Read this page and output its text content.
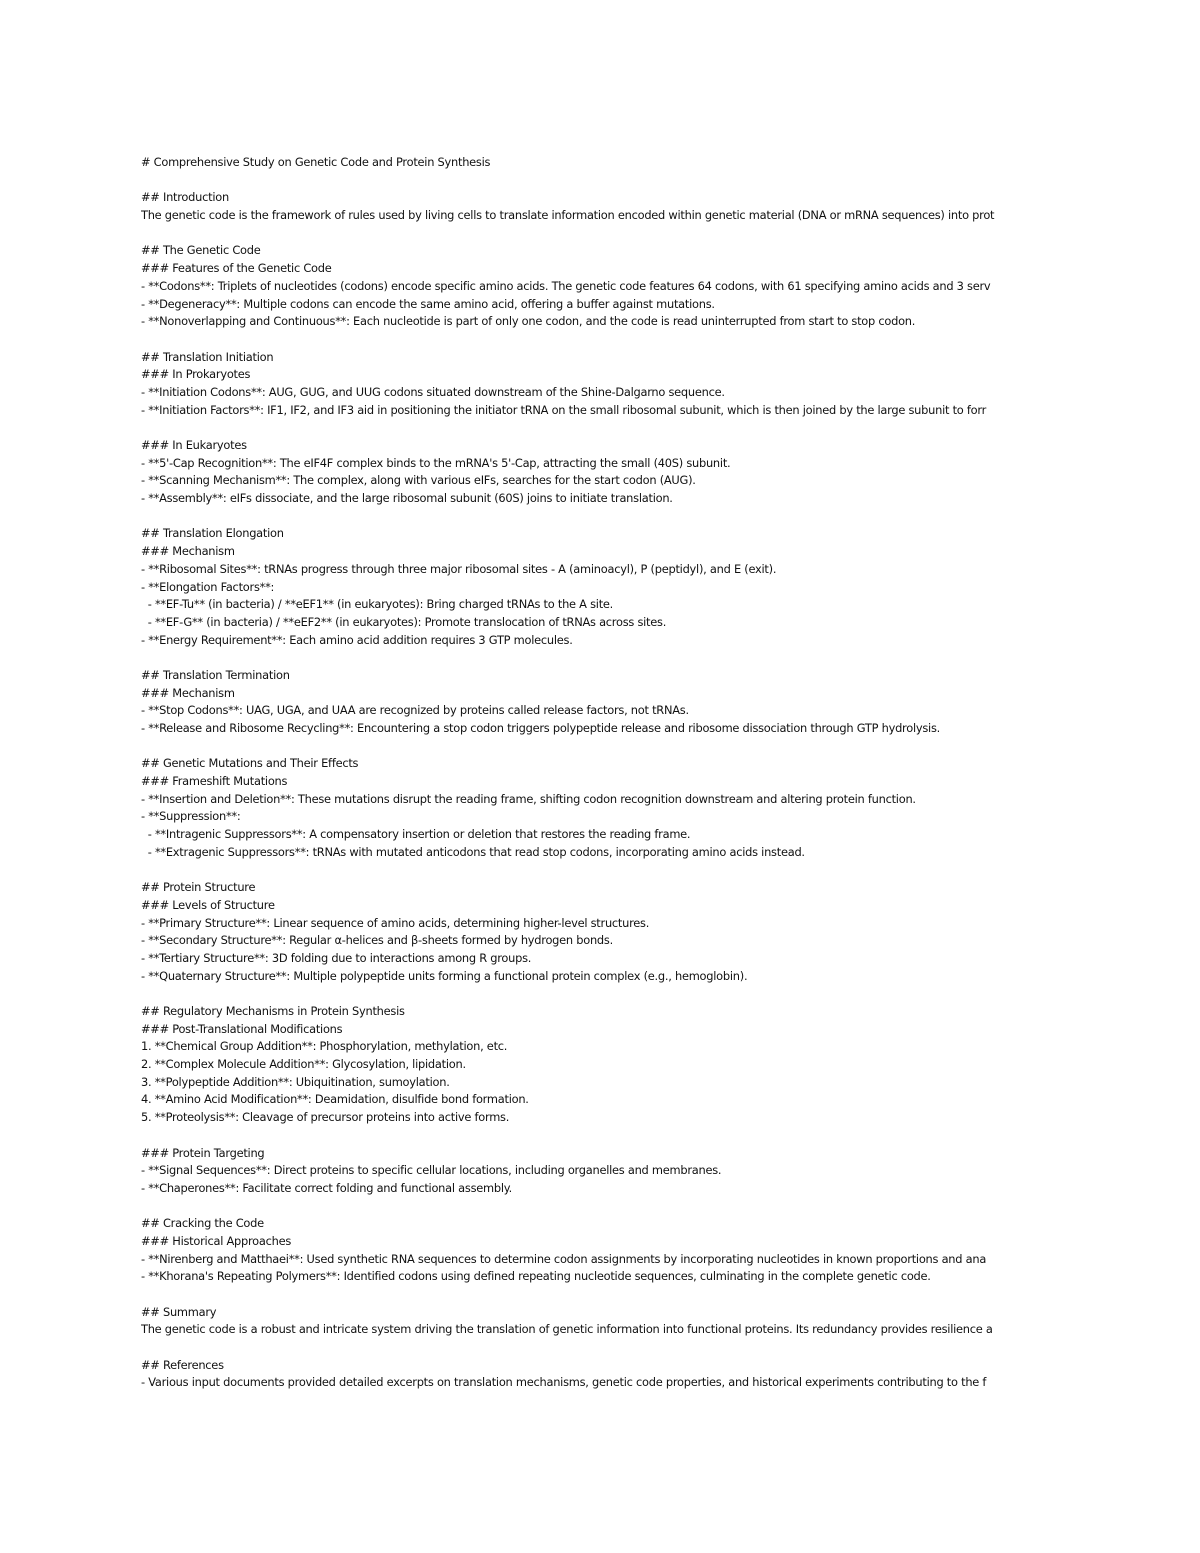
# Comprehensive Study on Genetic Code and Protein Synthesis
## Introduction
The genetic code is the framework of rules used by living cells to translate information encoded within genetic material (DNA or mRNA sequences) into prot
## The Genetic Code
### Features of the Genetic Code
- **Codons**: Triplets of nucleotides (codons) encode specific amino acids. The genetic code features 64 codons, with 61 specifying amino acids and 3 serv
- **Degeneracy**: Multiple codons can encode the same amino acid, offering a buffer against mutations.
- **Nonoverlapping and Continuous**: Each nucleotide is part of only one codon, and the code is read uninterrupted from start to stop codon.
## Translation Initiation
### In Prokaryotes
- **Initiation Codons**: AUG, GUG, and UUG codons situated downstream of the Shine-Dalgarno sequence.
- **Initiation Factors**: IF1, IF2, and IF3 aid in positioning the initiator tRNA on the small ribosomal subunit, which is then joined by the large subunit to forr
### In Eukaryotes
- **5'-Cap Recognition**: The eIF4F complex binds to the mRNA's 5'-Cap, attracting the small (40S) subunit.
- **Scanning Mechanism**: The complex, along with various eIFs, searches for the start codon (AUG).
- **Assembly**: eIFs dissociate, and the large ribosomal subunit (60S) joins to initiate translation.
## Translation Elongation
### Mechanism
- **Ribosomal Sites**: tRNAs progress through three major ribosomal sites - A (aminoacyl), P (peptidyl), and E (exit).
- **Elongation Factors**:
- **EF-Tu** (in bacteria) / **eEF1** (in eukaryotes): Bring charged tRNAs to the A site.
- **EF-G** (in bacteria) / **eEF2** (in eukaryotes): Promote translocation of tRNAs across sites.
- **Energy Requirement**: Each amino acid addition requires 3 GTP molecules.
## Translation Termination
### Mechanism
- **Stop Codons**: UAG, UGA, and UAA are recognized by proteins called release factors, not tRNAs.
- **Release and Ribosome Recycling**: Encountering a stop codon triggers polypeptide release and ribosome dissociation through GTP hydrolysis.
## Genetic Mutations and Their Effects
### Frameshift Mutations
- **Insertion and Deletion**: These mutations disrupt the reading frame, shifting codon recognition downstream and altering protein function.
- **Suppression**:
- **Intragenic Suppressors**: A compensatory insertion or deletion that restores the reading frame.
- **Extragenic Suppressors**: tRNAs with mutated anticodons that read stop codons, incorporating amino acids instead.
## Protein Structure
### Levels of Structure
- **Primary Structure**: Linear sequence of amino acids, determining higher-level structures.
- **Secondary Structure**: Regular α-helices and β-sheets formed by hydrogen bonds.
- **Tertiary Structure**: 3D folding due to interactions among R groups.
- **Quaternary Structure**: Multiple polypeptide units forming a functional protein complex (e.g., hemoglobin).
## Regulatory Mechanisms in Protein Synthesis
### Post-Translational Modifications
1. **Chemical Group Addition**: Phosphorylation, methylation, etc.
2. **Complex Molecule Addition**: Glycosylation, lipidation.
3. **Polypeptide Addition**: Ubiquitination, sumoylation.
4. **Amino Acid Modification**: Deamidation, disulfide bond formation.
5. **Proteolysis**: Cleavage of precursor proteins into active forms.
### Protein Targeting
- **Signal Sequences**: Direct proteins to specific cellular locations, including organelles and membranes.
- **Chaperones**: Facilitate correct folding and functional assembly.
## Cracking the Code
### Historical Approaches
- **Nirenberg and Matthaei**: Used synthetic RNA sequences to determine codon assignments by incorporating nucleotides in known proportions and ana
- **Khorana's Repeating Polymers**: Identified codons using defined repeating nucleotide sequences, culminating in the complete genetic code.
## Summary
The genetic code is a robust and intricate system driving the translation of genetic information into functional proteins. Its redundancy provides resilience a
## References
- Various input documents provided detailed excerpts on translation mechanisms, genetic code properties, and historical experiments contributing to the f
